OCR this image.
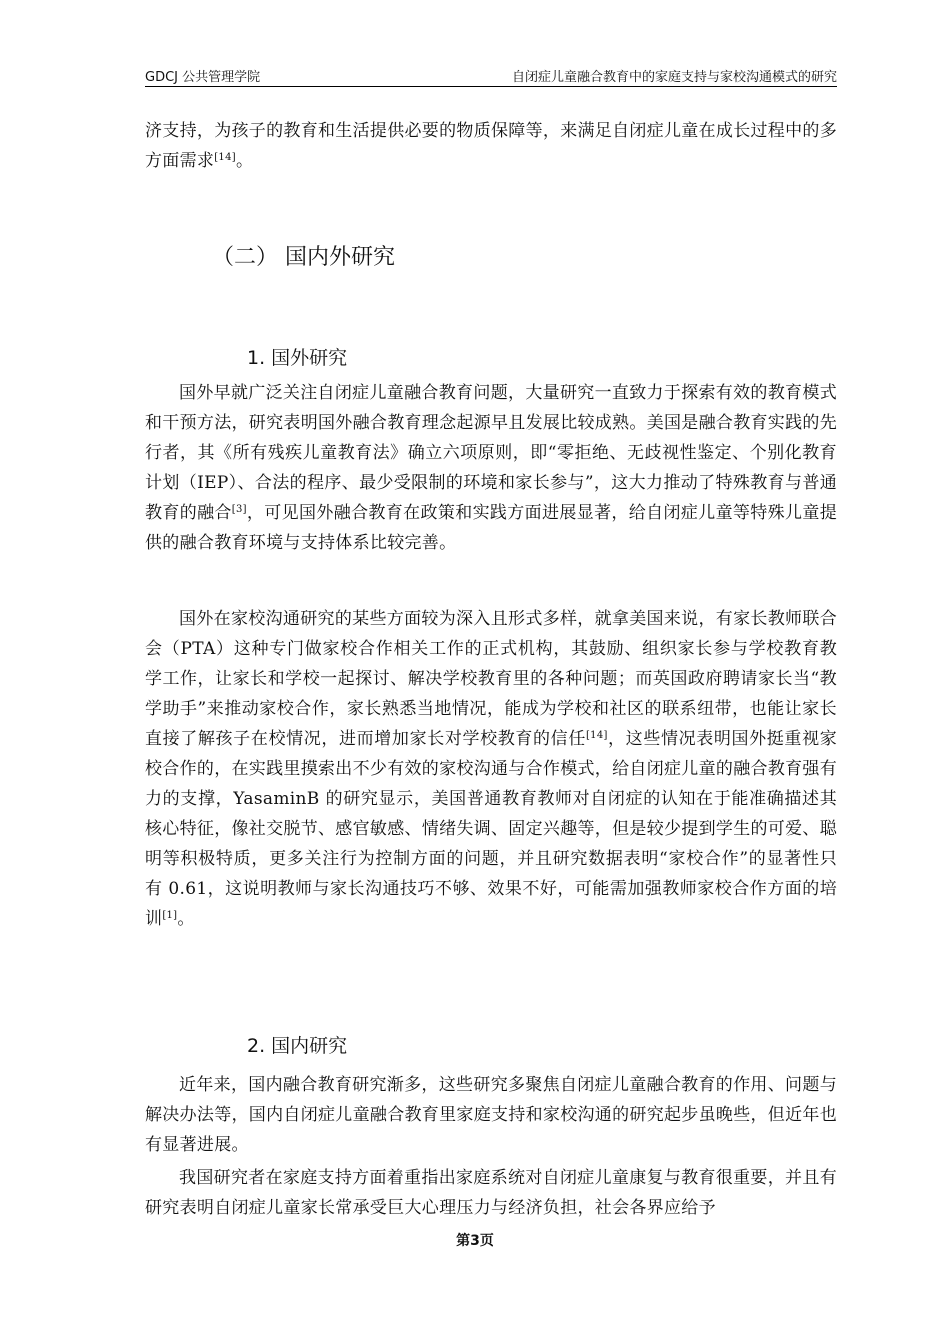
GDCJ 公共管理学院	自闭症儿童融合教育中的家庭支持与家校沟通模式的研究
济支持，为孩子的教育和生活提供必要的物质保障等，来满足自闭症儿童在成长过程中的多方面需求[14]。
（二） 国内外研究
1. 国外研究
国外早就广泛关注自闭症儿童融合教育问题，大量研究一直致力于探索有效的教育模式和干预方法，研究表明国外融合教育理念起源早且发展比较成熟。美国是融合教育实践的先行者，其《所有残疾儿童教育法》确立六项原则，即“零拒绝、无歧视性鉴定、个别化教育计划（IEP）、合法的程序、最少受限制的环境和家长参与”，这大力推动了特殊教育与普通教育的融合[3]，可见国外融合教育在政策和实践方面进展显著，给自闭症儿童等特殊儿童提供的融合教育环境与支持体系比较完善。
国外在家校沟通研究的某些方面较为深入且形式多样，就拿美国来说，有家长教师联合会（PTA）这种专门做家校合作相关工作的正式机构，其鼓励、组织家长参与学校教育教学工作，让家长和学校一起探讨、解决学校教育里的各种问题；而英国政府聘请家长当“教学助手”来推动家校合作，家长熟悉当地情况，能成为学校和社区的联系纽带，也能让家长直接了解孩子在校情况，进而增加家长对学校教育的信任[14]，这些情况表明国外挺重视家校合作的，在实践里摸索出不少有效的家校沟通与合作模式，给自闭症儿童的融合教育强有力的支撑，YasaminB 的研究显示，美国普通教育教师对自闭症的认知在于能准确描述其核心特征，像社交脱节、感官敏感、情绪失调、固定兴趣等，但是较少提到学生的可爱、聪明等积极特质，更多关注行为控制方面的问题，并且研究数据表明“家校合作”的显著性只有 0.61，这说明教师与家长沟通技巧不够、效果不好，可能需加强教师家校合作方面的培训[1]。
2. 国内研究
近年来，国内融合教育研究渐多，这些研究多聚焦自闭症儿童融合教育的作用、问题与解决办法等，国内自闭症儿童融合教育里家庭支持和家校沟通的研究起步虽晚些，但近年也有显著进展。
我国研究者在家庭支持方面着重指出家庭系统对自闭症儿童康复与教育很重要，并且有研究表明自闭症儿童家长常承受巨大心理压力与经济负担，社会各界应给予
第3页
